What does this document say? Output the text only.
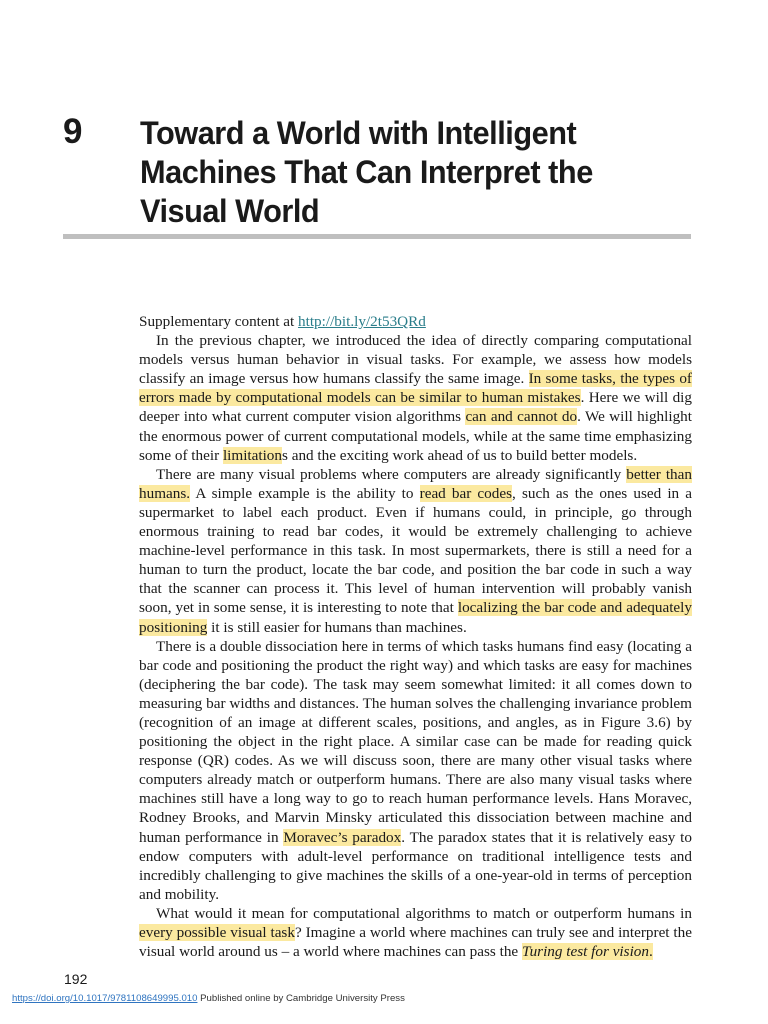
9 Toward a World with Intelligent Machines That Can Interpret the Visual World

Supplementary content at http://bit.ly/2t53QRd

In the previous chapter, we introduced the idea of directly comparing computational models versus human behavior in visual tasks. For example, we assess how models classify an image versus how humans classify the same image. In some tasks, the types of errors made by computational models can be similar to human mistakes. Here we will dig deeper into what current computer vision algorithms can and cannot do. We will highlight the enormous power of current computational models, while at the same time emphasizing some of their limitations and the exciting work ahead of us to build better models.

There are many visual problems where computers are already significantly better than humans. A simple example is the ability to read bar codes, such as the ones used in a supermarket to label each product. Even if humans could, in principle, go through enormous training to read bar codes, it would be extremely challenging to achieve machine-level performance in this task. In most supermarkets, there is still a need for a human to turn the product, locate the bar code, and position the bar code in such a way that the scanner can process it. This level of human intervention will probably vanish soon, yet in some sense, it is interesting to note that localizing the bar code and adequately positioning it is still easier for humans than machines.

There is a double dissociation here in terms of which tasks humans find easy (locating a bar code and positioning the product the right way) and which tasks are easy for machines (deciphering the bar code). The task may seem somewhat limited: it all comes down to measuring bar widths and distances. The human solves the challenging invariance problem (recognition of an image at different scales, positions, and angles, as in Figure 3.6) by positioning the object in the right place. A similar case can be made for reading quick response (QR) codes. As we will discuss soon, there are many other visual tasks where computers already match or outperform humans. There are also many visual tasks where machines still have a long way to go to reach human performance levels. Hans Moravec, Rodney Brooks, and Marvin Minsky articulated this dissociation between machine and human performance in Moravec’s paradox. The paradox states that it is relatively easy to endow computers with adult-level performance on traditional intelligence tests and incredibly challenging to give machines the skills of a one-year-old in terms of perception and mobility.

What would it mean for computational algorithms to match or outperform humans in every possible visual task? Imagine a world where machines can truly see and interpret the visual world around us – a world where machines can pass the Turing test for vision.

192
https://doi.org/10.1017/9781108649995.010 Published online by Cambridge University Press
